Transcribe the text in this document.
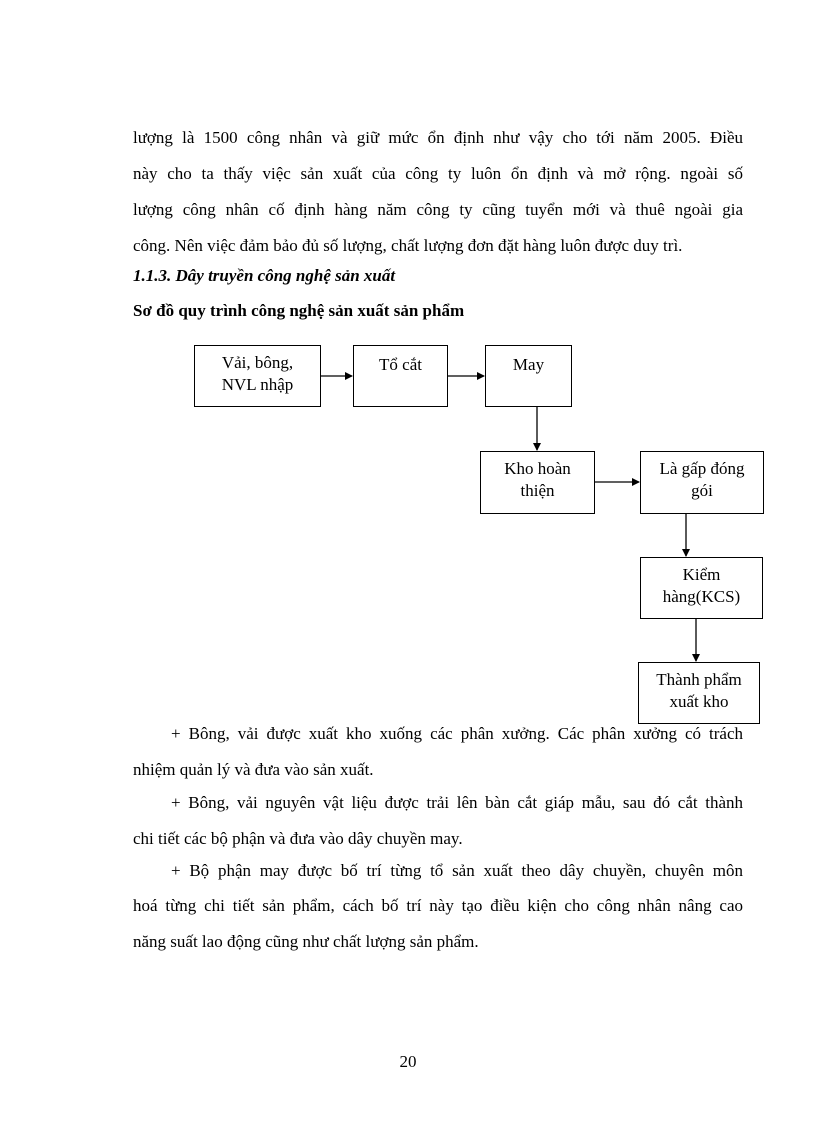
lượng là 1500 công nhân và giữ mức ổn định như vậy cho tới năm 2005. Điều
này cho ta thấy việc sản xuất của công ty luôn ổn định và mở rộng. ngoài số
lượng công nhân cố định hàng năm công ty cũng tuyển mới và thuê ngoài gia
công. Nên việc đảm bảo đủ số lượng, chất lượng đơn đặt hàng luôn được duy trì.
1.1.3. Dây truyền công nghệ sản xuất
Sơ đồ quy trình công nghệ sản xuất sản phẩm
Vải, bông,
NVL nhập
Tổ cắt	May
Kho hoàn
thiện
Là gấp đóng
gói
Kiểm
hàng(KCS)
Thành phẩm
xuất kho
+ Bông, vải được xuất kho xuống các phân xưởng. Các phân xưởng có trách
nhiệm quản lý và đưa vào sản xuất.
+ Bông, vải nguyên vật liệu được trải lên bàn cắt giáp mẫu, sau đó cắt thành
chi tiết các bộ phận và đưa vào dây chuyền may.
+ Bộ phận may được bố trí từng tổ sản xuất theo dây chuyền, chuyên môn
hoá từng chi tiết sản phẩm, cách bố trí này tạo điều kiện cho công nhân nâng cao
năng suất lao động cũng như chất lượng sản phẩm.
20
